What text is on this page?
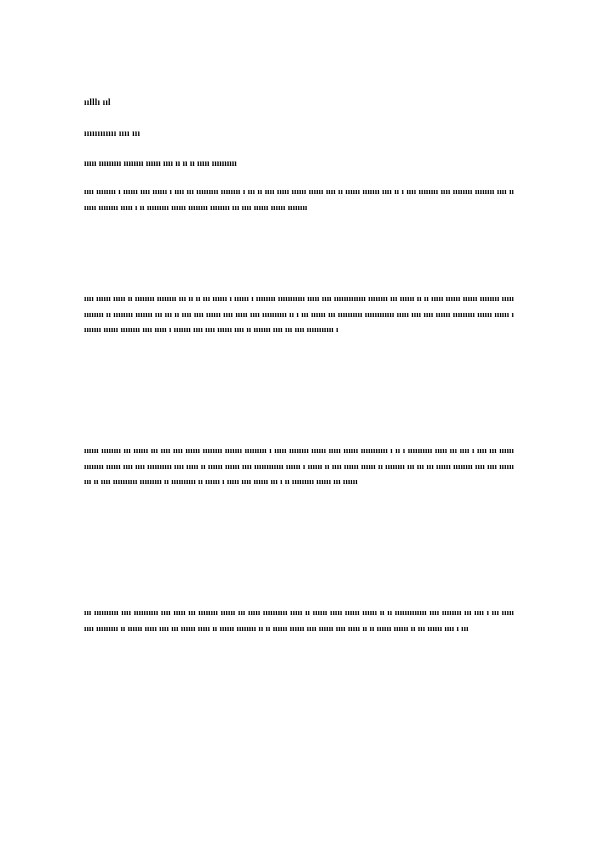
ıılllı ııl
ıııııııııııı ıııı ııı
ııııı ııııııııı ıııııııı ıııııı ıııı ıı ıı ıı ııııı ıııııııııı

ıııı ıııııııı ı ıııııı ıııı ıııııı ı ıııı ııı ııııııııı ıııııııı ı ııı ıı ıııı ııııı ıııııı ıııııı ıııı ıı ıııııı ııııııı ıııı ıı ı ıııı ıııııııı ıııı ıııııııı ıııııııı ıııı ıı ııııı ıııııııı ııııı ı ıı ııııııııı ıııııı ıııııııı ıııııııı ııı ıııı ıııııı ıııııı ıııııııı

ıııı ıııııı ııııı ıı ıııııııı ıııııııı ııı ıı ıı ııı ıııııı ı ıııııı ı ıııııııı ııııııııııı ııııı ıııı ııııııııııııı ıııııııı ııı ıııııı ıı ıı ııııı ıııııı ıııııı ıııııııı ııııı ıııııııı ıı ıııııııı ııııııı ııı ııı ıı ıııı ıııı ıııııı ıııı ııııı ıııı ıııııııııı ıı ı ııı ıııııı ııı ıııııııııı ıııııııııııı ııııı ıııı ıııı ıııııı ııııııııı ıııııı ıııııı ı ııııııı ıııııı ıııııııı ıııı ııııı ı ııııııı ıııı ıııı ıııııı ıııı ıı ııııııı ıııı ııı ıııı ııııııııııı ı

ıııııı ıııııııı ııı ıııııı ııı ıııı ıııı ıııııı ıııııııı ııııııı ııııııııı ı ııııı ıııııııı ıııııı ııııı ıııııı ııııııııııı ı ıı ı ıııııııııı ııııı ııı ıııı ı ıııı ııı ıııııı ıııııııı ıııııı ıııı ıııı ıııııııııı ıııı ııııı ıı ıııııı ıııııı ıııı ıııııııııııı ıııııı ı ıııııı ıı ıııı ıııııı ıııııı ıı ıııııııı ııı ııı ııı ıııııı ıııııııı ıııı ıııı ıııııı ııı ıı ıııı ıııııııııı ııııııııı ıı ıııııııııı ıı ıııııı ı ııııı ıııı ıııııı ııı ı ıı ııııııııı ıııııı ııı ıııııı

ııı ıııııııııı ıııı ıııııııııı ıııı ııııı ııı ıııııııı ıııııı ııı ııııı ıııııııııı ııııı ıı ıııııı ııııı ıııııı ıııııı ıı ıı ııııııııııııı ıııı ıııııııı ııı ıııı ı ııı ııııı ıııı ııııııııı ıı ıııııı ııııı ıııı ııı ıııııı ııııı ıı ıııııı ıııııııı ıı ıı ıııııı ıııııı ıııı ıııııı ıııı ııııı ıı ıı ıııııı ıııııı ıı ııı ıııııı ıııı ı ııı
